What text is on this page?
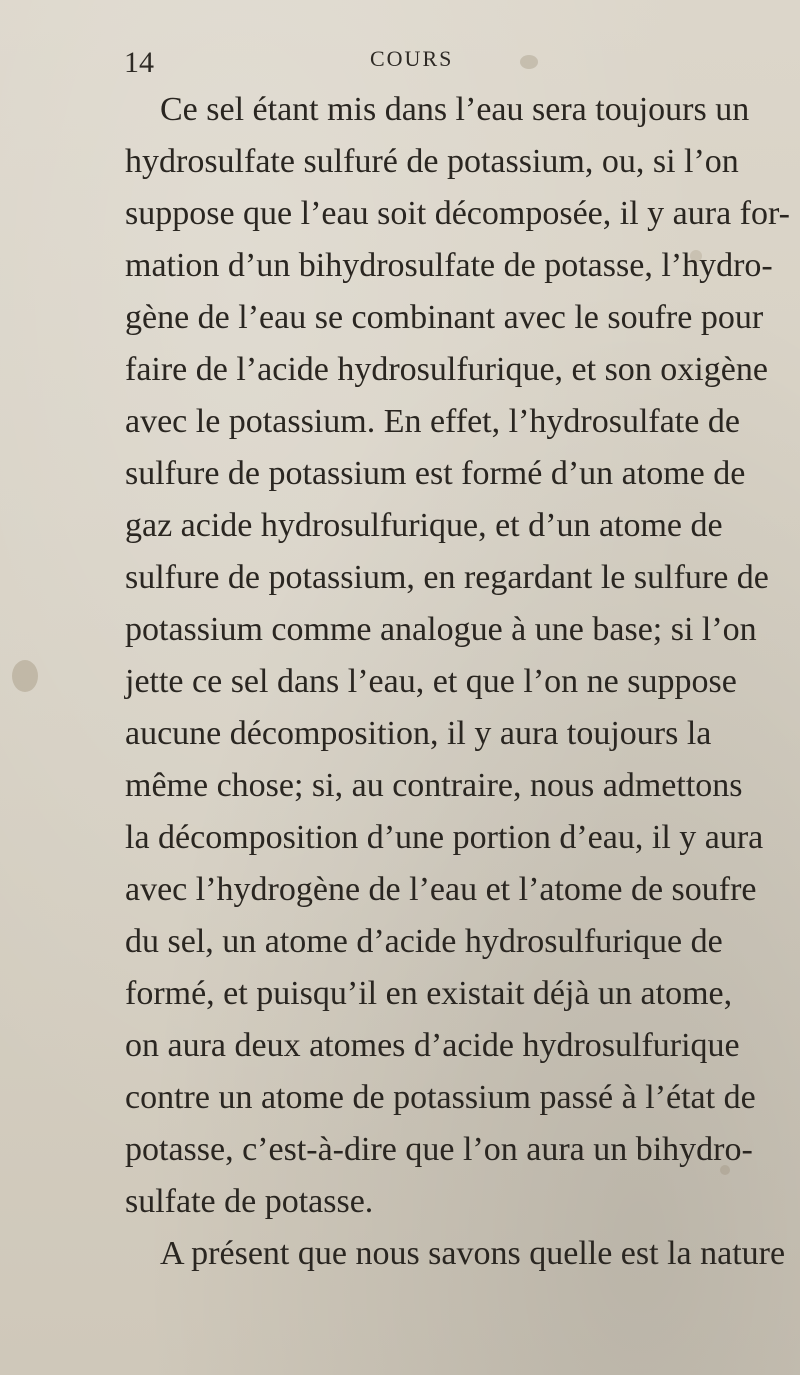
14	COURS
Ce sel étant mis dans l’eau sera toujours un
hydrosulfate sulfuré de potassium, ou, si l’on
suppose que l’eau soit décomposée, il y aura for-
mation d’un bihydrosulfate de potasse, l’hydro-
gène de l’eau se combinant avec le soufre pour
faire de l’acide hydrosulfurique, et son oxigène
avec le potassium. En effet, l’hydrosulfate de
sulfure de potassium est formé d’un atome de
gaz acide hydrosulfurique, et d’un atome de
sulfure de potassium, en regardant le sulfure de
potassium comme analogue à une base; si l’on
jette ce sel dans l’eau, et que l’on ne suppose
aucune décomposition, il y aura toujours la
même chose; si, au contraire, nous admettons
la décomposition d’une portion d’eau, il y aura
avec l’hydrogène de l’eau et l’atome de soufre
du sel, un atome d’acide hydrosulfurique de
formé, et puisqu’il en existait déjà un atome,
on aura deux atomes d’acide hydrosulfurique
contre un atome de potassium passé à l’état de
potasse, c’est-à-dire que l’on aura un bihydro-
sulfate de potasse.
A présent que nous savons quelle est la nature
